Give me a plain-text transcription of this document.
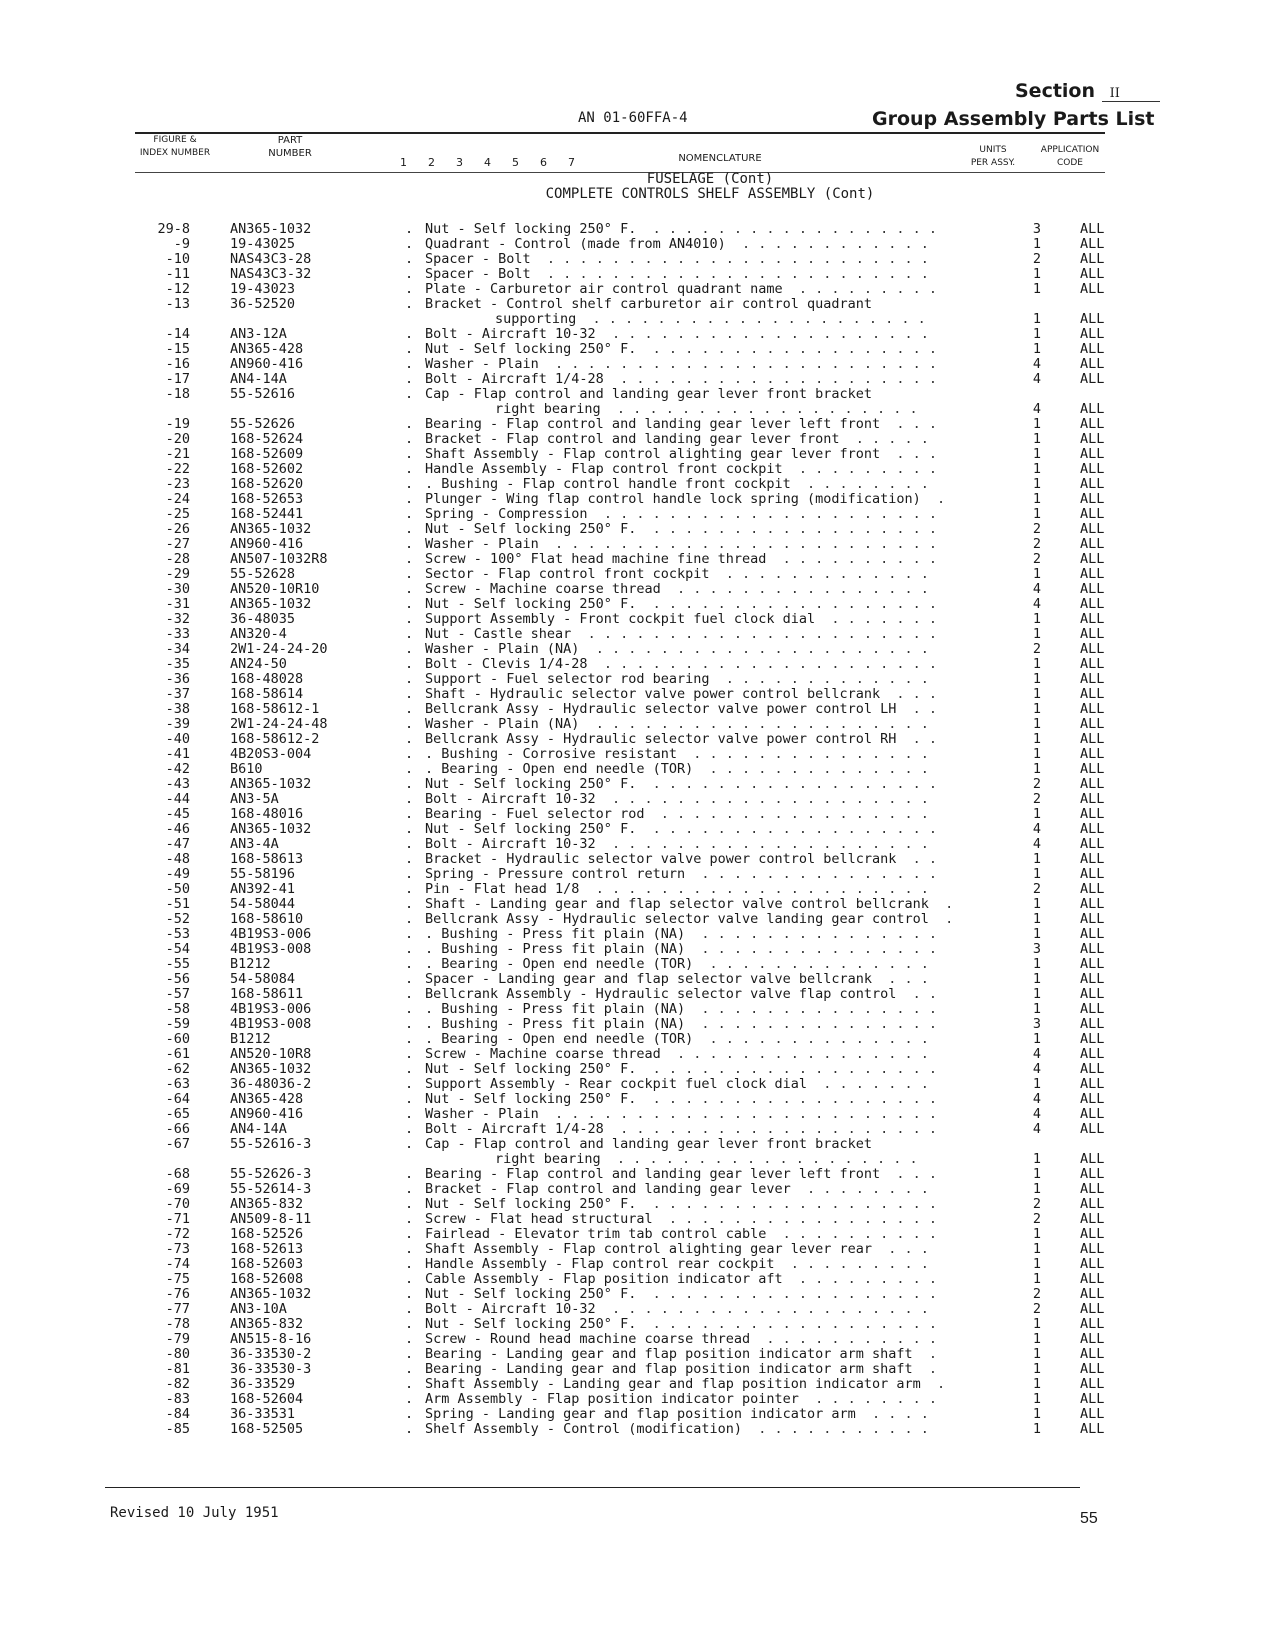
Section II
AN 01-60FFA-4	Group Assembly Parts List
FIGURE &
INDEX NUMBER
PART
NUMBER
1 2 3 4 5 6 7	NOMENCLATURE
UNITS
PER ASSY.
APPLICATION
CODE
FUSELAGE (Cont)
COMPLETE CONTROLS SHELF ASSEMBLY (Cont)
29-8	AN365-1032	. Nut - Self locking 250° F.  . . . . . . . . . . . . . . . . . .	3	ALL
-9	19-43025	. Quadrant - Control (made from AN4010)  . . . . . . . . . . . .	1	ALL
-10	NAS43C3-28	. Spacer - Bolt  . . . . . . . . . . . . . . . . . . . . . . . .	2	ALL
-11	NAS43C3-32	. Spacer - Bolt  . . . . . . . . . . . . . . . . . . . . . . . .	1	ALL
-12	19-43023	. Plate - Carburetor air control quadrant name  . . . . . . . . .	1	ALL
-13	36-52520	. Bracket - Control shelf carburetor air control quadrant
supporting  . . . . . . . . . . . . . . . . . . . . .	1	ALL
-14	AN3-12A	. Bolt - Aircraft 10-32  . . . . . . . . . . . . . . . . . . . .	1	ALL
-15	AN365-428	. Nut - Self locking 250° F.  . . . . . . . . . . . . . . . . . .	1	ALL
-16	AN960-416	. Washer - Plain  . . . . . . . . . . . . . . . . . . . . . . . .	4	ALL
-17	AN4-14A	. Bolt - Aircraft 1/4-28  . . . . . . . . . . . . . . . . . . . .	4	ALL
-18	55-52616	. Cap - Flap control and landing gear lever front bracket
right bearing  . . . . . . . . . . . . . . . . . . .	4	ALL
-19	55-52626	. Bearing - Flap control and landing gear lever left front  . . .	1	ALL
-20	168-52624	. Bracket - Flap control and landing gear lever front  . . . . .	1	ALL
-21	168-52609	. Shaft Assembly - Flap control alighting gear lever front  . . .	1	ALL
-22	168-52602	. Handle Assembly - Flap control front cockpit  . . . . . . . . .	1	ALL
-23	168-52620	. . Bushing - Flap control handle front cockpit  . . . . . . . .	1	ALL
-24	168-52653	. Plunger - Wing flap control handle lock spring (modification)  .	1	ALL
-25	168-52441	. Spring - Compression  . . . . . . . . . . . . . . . . . . . . .	1	ALL
-26	AN365-1032	. Nut - Self locking 250° F.  . . . . . . . . . . . . . . . . . .	2	ALL
-27	AN960-416	. Washer - Plain  . . . . . . . . . . . . . . . . . . . . . . . .	2	ALL
-28	AN507-1032R8	. Screw - 100° Flat head machine fine thread  . . . . . . . . . .	2	ALL
-29	55-52628	. Sector - Flap control front cockpit  . . . . . . . . . . . . .	1	ALL
-30	AN520-10R10	. Screw - Machine coarse thread  . . . . . . . . . . . . . . . .	4	ALL
-31	AN365-1032	. Nut - Self locking 250° F.  . . . . . . . . . . . . . . . . . .	4	ALL
-32	36-48035	. Support Assembly - Front cockpit fuel clock dial  . . . . . . .	1	ALL
-33	AN320-4	. Nut - Castle shear  . . . . . . . . . . . . . . . . . . . . . .	1	ALL
-34	2W1-24-24-20	. Washer - Plain (NA)  . . . . . . . . . . . . . . . . . . . . .	2	ALL
-35	AN24-50	. Bolt - Clevis 1/4-28  . . . . . . . . . . . . . . . . . . . . .	1	ALL
-36	168-48028	. Support - Fuel selector rod bearing  . . . . . . . . . . . . .	1	ALL
-37	168-58614	. Shaft - Hydraulic selector valve power control bellcrank  . . .	1	ALL
-38	168-58612-1	. Bellcrank Assy - Hydraulic selector valve power control LH  . .	1	ALL
-39	2W1-24-24-48	. Washer - Plain (NA)  . . . . . . . . . . . . . . . . . . . . .	1	ALL
-40	168-58612-2	. Bellcrank Assy - Hydraulic selector valve power control RH  . .	1	ALL
-41	4B20S3-004	. . Bushing - Corrosive resistant  . . . . . . . . . . . . . . .	1	ALL
-42	B610	. . Bearing - Open end needle (TOR)  . . . . . . . . . . . . . .	1	ALL
-43	AN365-1032	. Nut - Self locking 250° F.  . . . . . . . . . . . . . . . . . .	2	ALL
-44	AN3-5A	. Bolt - Aircraft 10-32  . . . . . . . . . . . . . . . . . . . .	2	ALL
-45	168-48016	. Bearing - Fuel selector rod  . . . . . . . . . . . . . . . . .	1	ALL
-46	AN365-1032	. Nut - Self locking 250° F.  . . . . . . . . . . . . . . . . . .	4	ALL
-47	AN3-4A	. Bolt - Aircraft 10-32  . . . . . . . . . . . . . . . . . . . .	4	ALL
-48	168-58613	. Bracket - Hydraulic selector valve power control bellcrank  . .	1	ALL
-49	55-58196	. Spring - Pressure control return  . . . . . . . . . . . . . . .	1	ALL
-50	AN392-41	. Pin - Flat head 1/8  . . . . . . . . . . . . . . . . . . . . .	2	ALL
-51	54-58044	. Shaft - Landing gear and flap selector valve control bellcrank  .	1	ALL
-52	168-58610	. Bellcrank Assy - Hydraulic selector valve landing gear control  .	1	ALL
-53	4B19S3-006	. . Bushing - Press fit plain (NA)  . . . . . . . . . . . . . . .	1	ALL
-54	4B19S3-008	. . Bushing - Press fit plain (NA)  . . . . . . . . . . . . . . .	3	ALL
-55	B1212	. . Bearing - Open end needle (TOR)  . . . . . . . . . . . . . .	1	ALL
-56	54-58084	. Spacer - Landing gear and flap selector valve bellcrank  . . .	1	ALL
-57	168-58611	. Bellcrank Assembly - Hydraulic selector valve flap control  . .	1	ALL
-58	4B19S3-006	. . Bushing - Press fit plain (NA)  . . . . . . . . . . . . . . .	1	ALL
-59	4B19S3-008	. . Bushing - Press fit plain (NA)  . . . . . . . . . . . . . . .	3	ALL
-60	B1212	. . Bearing - Open end needle (TOR)  . . . . . . . . . . . . . .	1	ALL
-61	AN520-10R8	. Screw - Machine coarse thread  . . . . . . . . . . . . . . . .	4	ALL
-62	AN365-1032	. Nut - Self locking 250° F.  . . . . . . . . . . . . . . . . . .	4	ALL
-63	36-48036-2	. Support Assembly - Rear cockpit fuel clock dial  . . . . . . .	1	ALL
-64	AN365-428	. Nut - Self locking 250° F.  . . . . . . . . . . . . . . . . . .	4	ALL
-65	AN960-416	. Washer - Plain  . . . . . . . . . . . . . . . . . . . . . . . .	4	ALL
-66	AN4-14A	. Bolt - Aircraft 1/4-28  . . . . . . . . . . . . . . . . . . . .	4	ALL
-67	55-52616-3	. Cap - Flap control and landing gear lever front bracket
right bearing  . . . . . . . . . . . . . . . . . . .	1	ALL
-68	55-52626-3	. Bearing - Flap control and landing gear lever left front  . . .	1	ALL
-69	55-52614-3	. Bracket - Flap control and landing gear lever  . . . . . . . .	1	ALL
-70	AN365-832	. Nut - Self locking 250° F.  . . . . . . . . . . . . . . . . . .	2	ALL
-71	AN509-8-11	. Screw - Flat head structural  . . . . . . . . . . . . . . . . .	2	ALL
-72	168-52526	. Fairlead - Elevator trim tab control cable  . . . . . . . . . .	1	ALL
-73	168-52613	. Shaft Assembly - Flap control alighting gear lever rear  . . .	1	ALL
-74	168-52603	. Handle Assembly - Flap control rear cockpit  . . . . . . . . .	1	ALL
-75	168-52608	. Cable Assembly - Flap position indicator aft  . . . . . . . . .	1	ALL
-76	AN365-1032	. Nut - Self locking 250° F.  . . . . . . . . . . . . . . . . . .	2	ALL
-77	AN3-10A	. Bolt - Aircraft 10-32  . . . . . . . . . . . . . . . . . . . .	2	ALL
-78	AN365-832	. Nut - Self locking 250° F.  . . . . . . . . . . . . . . . . . .	1	ALL
-79	AN515-8-16	. Screw - Round head machine coarse thread  . . . . . . . . . . .	1	ALL
-80	36-33530-2	. Bearing - Landing gear and flap position indicator arm shaft  .	1	ALL
-81	36-33530-3	. Bearing - Landing gear and flap position indicator arm shaft  .	1	ALL
-82	36-33529	. Shaft Assembly - Landing gear and flap position indicator arm  .	1	ALL
-83	168-52604	. Arm Assembly - Flap position indicator pointer  . . . . . . . .	1	ALL
-84	36-33531	. Spring - Landing gear and flap position indicator arm  . . . .	1	ALL
-85	168-52505	. Shelf Assembly - Control (modification)  . . . . . . . . . . .	1	ALL
Revised 10 July 1951	55
